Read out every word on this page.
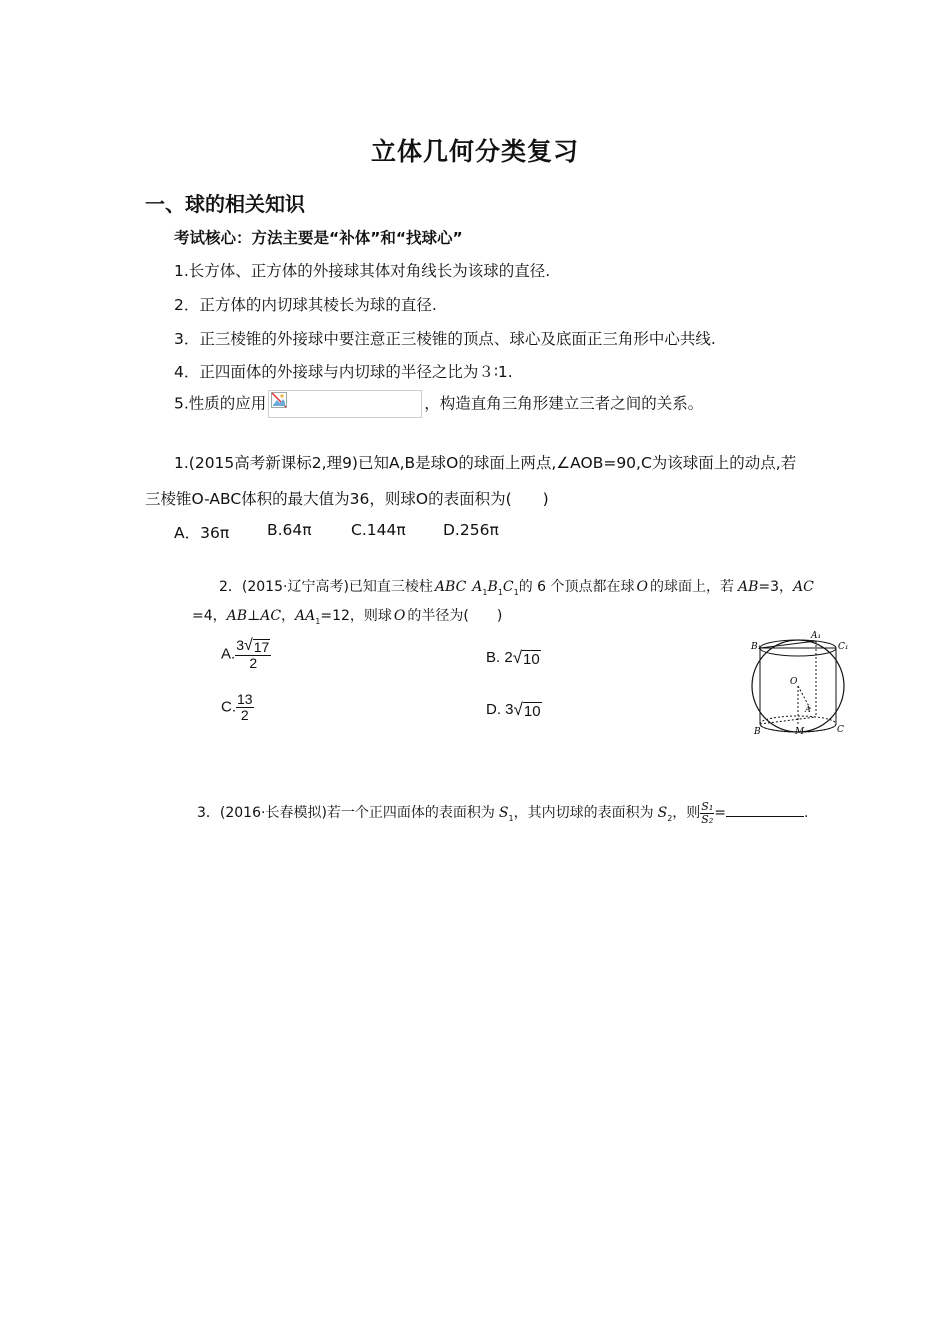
立体几何分类复习
一、球的相关知识
考试核心：方法主要是“补体”和“找球心”
1.长方体、正方体的外接球其体对角线长为该球的直径.
2．正方体的内切球其棱长为球的直径.
3．正三棱锥的外接球中要注意正三棱锥的顶点、球心及底面正三角形中心共线.
4．正四面体的外接球与内切球的半径之比为３∶1.
5.性质的应用	，构造直角三角形建立三者之间的关系。
1.(2015高考新课标2,理9)已知A,B是球O的球面上两点,∠AOB=90,C为该球面上的动点,若
三棱锥O-ABC体积的最大值为36，则球O的表面积为(　　)
A．36π B.64π	C.144π D.256π
2．(2015·辽宁高考)已知直三棱柱 ABC $A_1B_1C_1$的 6 个顶点都在球 O 的球面上，若 AB=3，AC
=4，AB⊥AC，$AA_1=12$，则球 O 的半径为(　　)
A. $\frac{3 √ 17}{2}$	B. 2 √ 10
C. $\frac{13}{2}$	D. 3 √ 10
B₁
A₁
C₁
O
A
B	M	C
3．(2016·长春模拟)若一个正四面体的表面积为 $S_1$，其内切球的表面积为 $S_2$，则 $\frac{\text{S₁}}{\text{S₂}}$ =	.
